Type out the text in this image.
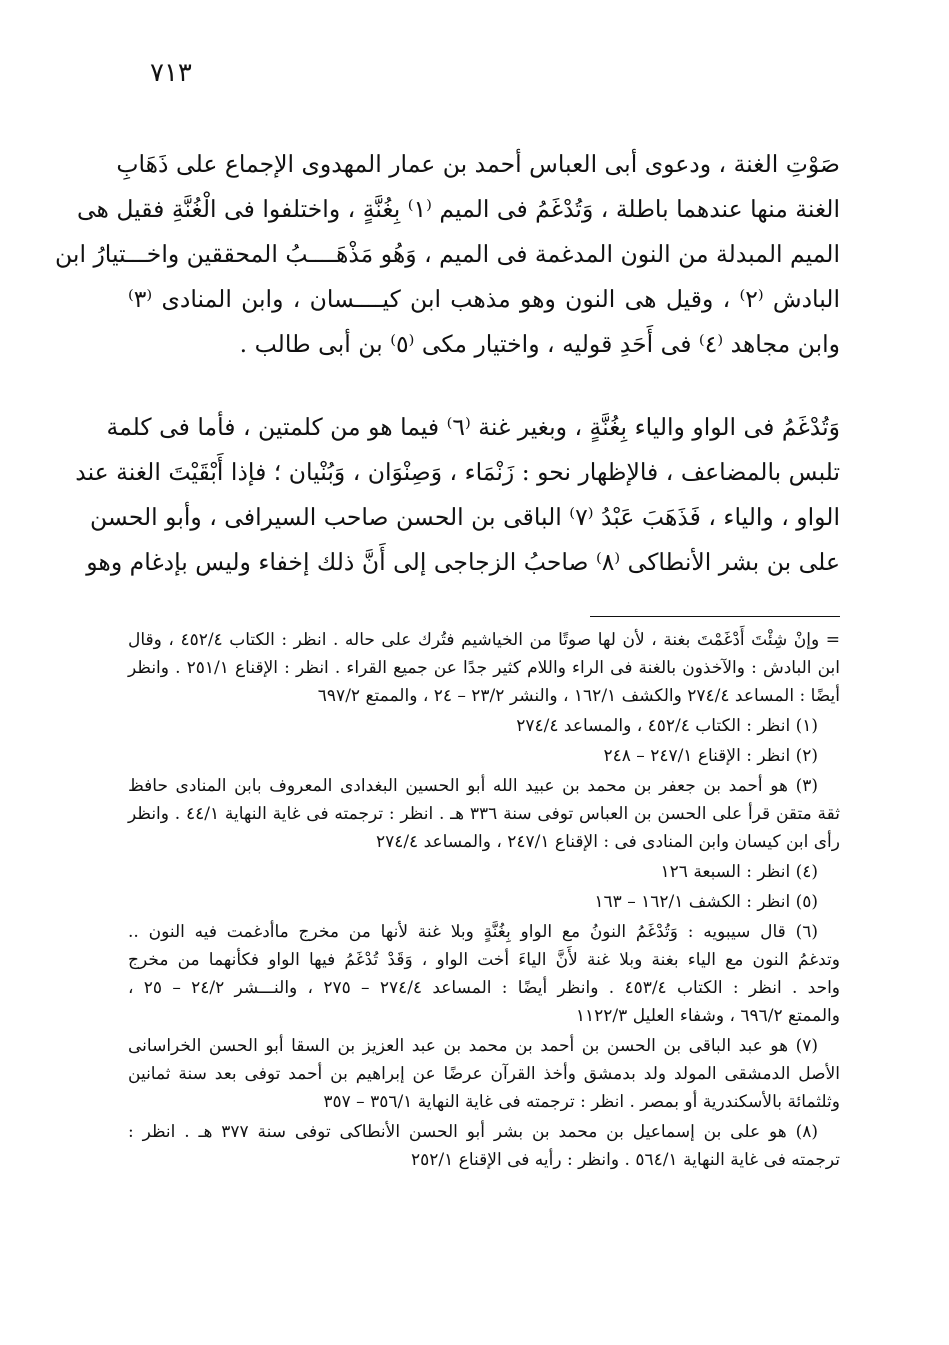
٧١٣

صَوْتِ الغنة ، ودعوى أبى العباس أحمد بن عمار المهدوى الإجماع على ذَهَابِ

الغنة منها عندهما باطلة ، وَتُدْغَمُ فى الميم ⁽١⁾ بِغُنَّةٍ ، واختلفوا فى الْغُنَّةِ فقيل هى

الميم المبدلة من النون المدغمة فى الميم ، وَهُو مَذْهَــــبُ المحققين واخـــتيارُ ابن

البادش ⁽٢⁾ ، وقيل هى النون وهو مذهب ابن كيــــسان ، وابن المنادى ⁽٣⁾

وابن مجاهد ⁽٤⁾ فى أَحَدِ قوليه ، واختيار مكى ⁽٥⁾ بن أبى طالب .

وَتُدْغَمُ فى الواو والياء بِغُنَّةٍ ، وبغير غنة ⁽٦⁾ فيما هو من كلمتين ، فأما فى كلمة

تلبس بالمضاعف ، فالإظهار نحو : زَنْمَاء ، وَصِنْوَان ، وَبُنْيان ؛ فإذا أَبْقَيْتَ الغنة عند

الواو ، والياء ، فَذَهَبَ عَبْدُ ⁽٧⁾ الباقى بن الحسن صاحب السيرافى ، وأبو الحسن

على بن بشر الأنطاكى ⁽٨⁾ صاحبُ الزجاجى إلى أَنَّ ذلك إخفاء وليس بإدغام وهو

= وإنْ شِئْتَ أَدْغَمْتَ بغنة ، لأن لها صوتًا من الخياشيم فتُرك على حاله . انظر : الكتاب ٤٥٢/٤ ، وقال

ابن البادش : والآخذون بالغنة فى الراء واللام كثير جدًا عن جميع القراء . انظر : الإقناع ٢٥١/١ . وانظر

أيضًا : المساعد ٢٧٤/٤ والكشف ١٦٢/١ ، والنشر ٢٣/٢ – ٢٤ ، والممتع ٦٩٧/٢

(١) انظر : الكتاب ٤٥٢/٤ ، والمساعد ٢٧٤/٤

(٢) انظر : الإقناع ٢٤٧/١ – ٢٤٨

(٣) هو أحمد بن جعفر بن محمد بن عبيد الله أبو الحسين البغدادى المعروف بابن المنادى حافظ

ثقة متقن قرأ على الحسن بن العباس توفى سنة ٣٣٦ هـ . انظر : ترجمته فى غاية النهاية ٤٤/١ . وانظر

رأى ابن كيسان وابن المنادى فى : الإقناع ٢٤٧/١ ، والمساعد ٢٧٤/٤

(٤) انظر : السبعة ١٢٦

(٥) انظر : الكشف ١٦٢/١ – ١٦٣

(٦) قال سيبويه : وَتُدْغَمُ النونُ مع الواو بِغُنَّةٍ وبلا غنة لأنها من مخرج ماأدغمت فيه النون ..

وتدغمُ النون مع الياء بغنة وبلا غنة لأَنَّ الياءَ أخت الواو ، وَقَدْ تُدْغَمُ فيها الواو فكأنهما من مخرج

واحد . انظر : الكتاب ٤٥٣/٤ . وانظر أيضًا : المساعد ٢٧٤/٤ – ٢٧٥ ، والنـــشر ٢٤/٢ – ٢٥ ،

والممتع ٦٩٦/٢ ، وشفاء العليل ١١٢٢/٣

(٧) هو عبد الباقى بن الحسن بن أحمد بن محمد بن عبد العزيز بن السقا أبو الحسن الخراسانى

الأصل الدمشقى المولد ولد بدمشق وأخذ القرآن عرضًا عن إبراهيم بن أحمد توفى بعد سنة ثمانين

وثلثمائة بالأسكندرية أو بمصر . انظر : ترجمته فى غاية النهاية ٣٥٦/١ – ٣٥٧

(٨) هو على بن إسماعيل بن محمد بن بشر أبو الحسن الأنطاكى توفى سنة ٣٧٧ هـ . انظر :

ترجمته فى غاية النهاية ٥٦٤/١ . وانظر : رأيه فى الإقناع ٢٥٢/١
